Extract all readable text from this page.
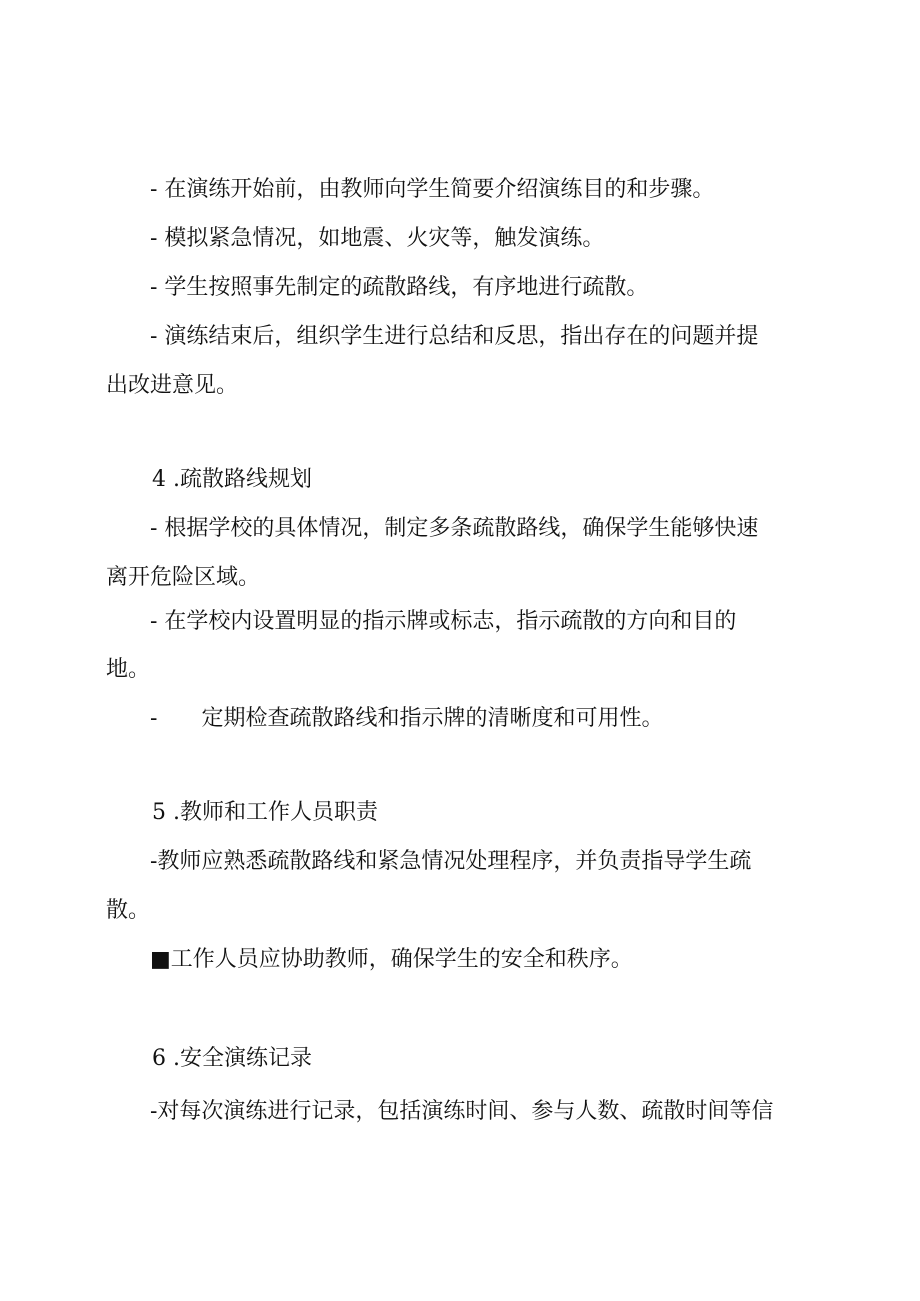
- 在演练开始前，由教师向学生简要介绍演练目的和步骤。
- 模拟紧急情况，如地震、火灾等，触发演练。
- 学生按照事先制定的疏散路线，有序地进行疏散。
- 演练结束后，组织学生进行总结和反思，指出存在的问题并提
出改进意见。
4 .疏散路线规划
- 根据学校的具体情况，制定多条疏散路线，确保学生能够快速
离开危险区域。
- 在学校内设置明显的指示牌或标志，指示疏散的方向和目的
地。
- 定期检查疏散路线和指示牌的清晰度和可用性。
5 .教师和工作人员职责
-教师应熟悉疏散路线和紧急情况处理程序，并负责指导学生疏
散。
■工作人员应协助教师，确保学生的安全和秩序。
6 .安全演练记录
-对每次演练进行记录，包括演练时间、参与人数、疏散时间等信
